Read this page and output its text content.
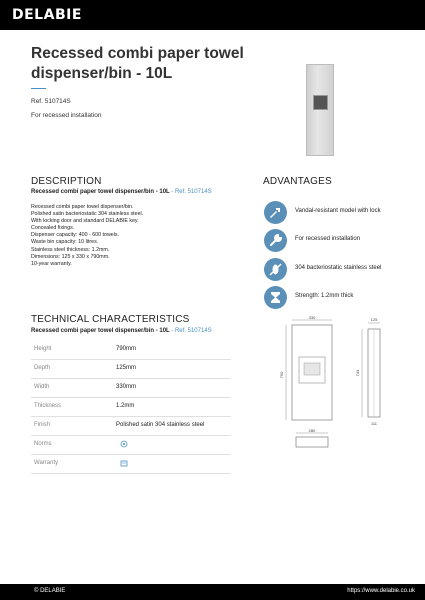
DELABIE
Recessed combi paper towel dispenser/bin - 10L
Ref. 510714S
For recessed installation
DESCRIPTION
Recessed combi paper towel dispenser/bin - 10L - Ref. 510714S
Recessed combi paper towel dispenser/bin.
Polished satin bacteriostatic 304 stainless steel.
With locking door and standard DELABIE key.
Concealed fixings.
Dispenser capacity: 400 - 600 towels.
Waste bin capacity: 10 litres.
Stainless steel thickness: 1.2mm.
Dimensions: 125 x 330 x 790mm.
10-year warranty.
ADVANTAGES
Vandal-resistant model with lock
For recessed installation
304 bacteriostatic stainless steel
Strength: 1.2mm thick
TECHNICAL CHARACTERISTICS
Recessed combi paper towel dispenser/bin - 10L - Ref. 510714S
Height	790mm
Depth	125mm
Width	330mm
Thickness	1.2mm
Finish	Polished satin 304 stainless steel
Norms
Warranty
330
790
125
744
111
280
© DELABIE	https://www.delabie.co.uk
